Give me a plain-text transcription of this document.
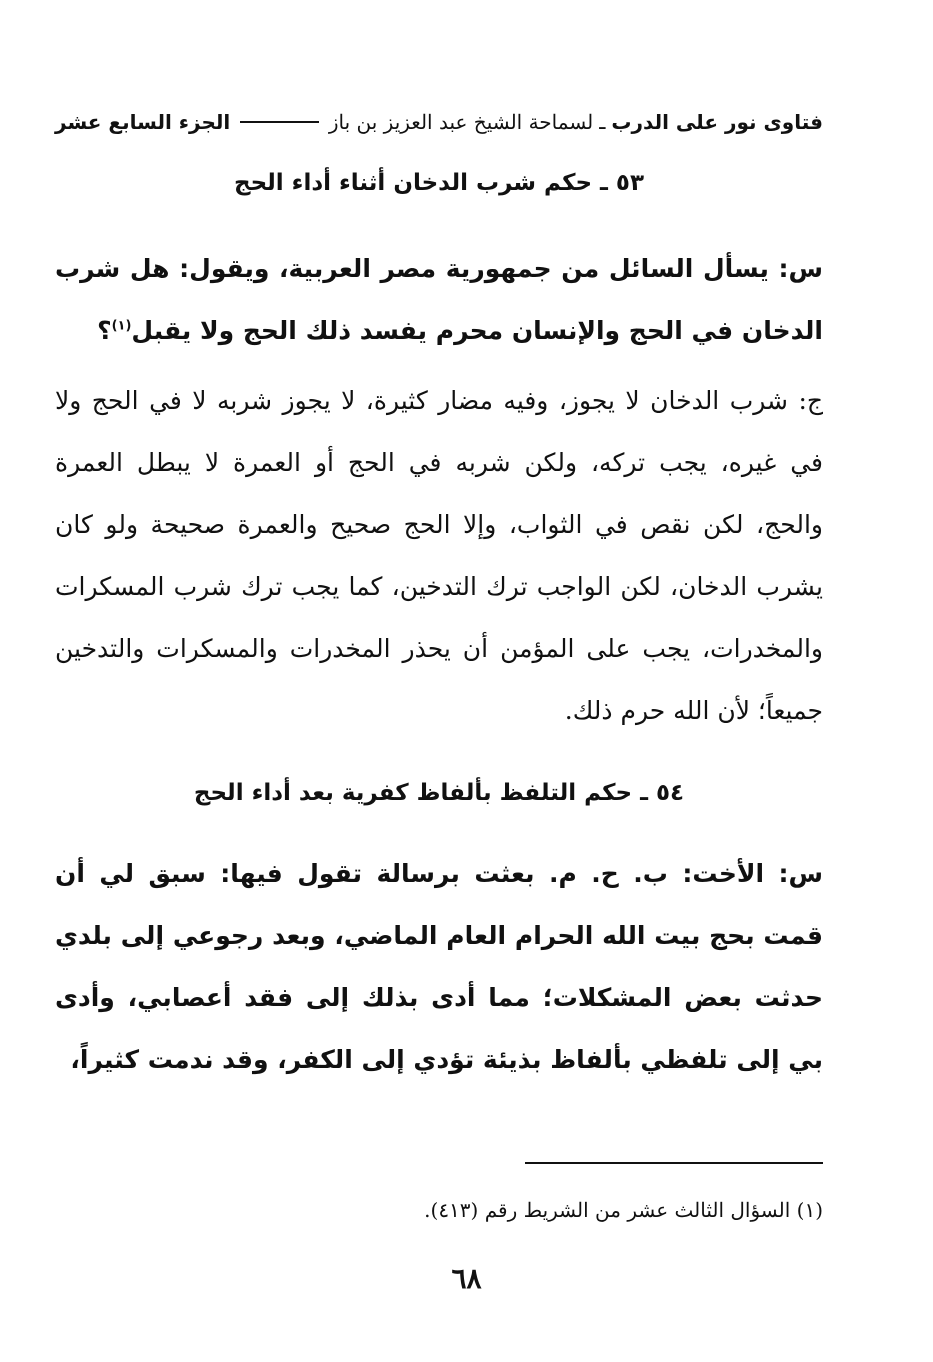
فتاوى نور على الدرب
ـ
لسماحة الشيخ عبد العزيز بن باز
الجزء السابع عشر
٥٣ ـ حكم شرب الدخان أثناء أداء الحج
س: يسأل السائل من جمهورية مصر العربية، ويقول: هل شرب الدخان في الحج والإنسان محرم يفسد ذلك الحج ولا يقبل$^{(١)}$؟
ج: شرب الدخان لا يجوز، وفيه مضار كثيرة، لا يجوز شربه لا في الحج ولا في غيره، يجب تركه، ولكن شربه في الحج أو العمرة لا يبطل العمرة والحج، لكن نقص في الثواب، وإلا الحج صحيح والعمرة صحيحة ولو كان يشرب الدخان، لكن الواجب ترك التدخين، كما يجب ترك شرب المسكرات والمخدرات، يجب على المؤمن أن يحذر المخدرات والمسكرات والتدخين جميعاً؛ لأن الله حرم ذلك.
٥٤ ـ حكم التلفظ بألفاظ كفرية بعد أداء الحج
س: الأخت: ب. ح. م. بعثت برسالة تقول فيها: سبق لي أن قمت بحج بيت الله الحرام العام الماضي، وبعد رجوعي إلى بلدي حدثت بعض المشكلات؛ مما أدى بذلك إلى فقد أعصابي، وأدى بي إلى تلفظي بألفاظ بذيئة تؤدي إلى الكفر، وقد ندمت كثيراً،
(١) السؤال الثالث عشر من الشريط رقم (٤١٣).
٦٨
